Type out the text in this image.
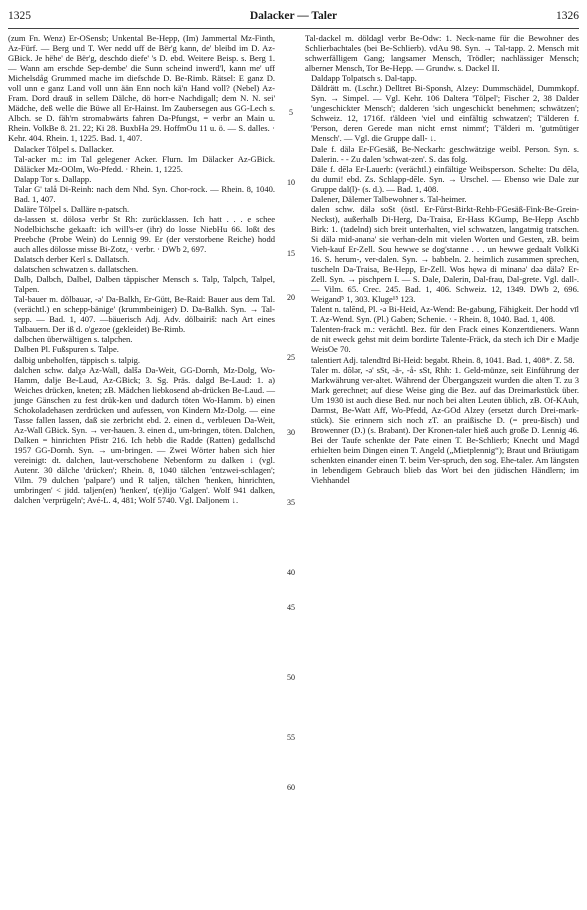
1325	Dalacker — Taler	1326

(zum Fn. Wenz) Er-OSensb; Unkental Be-Hepp, (Im) Jammertal Mz-Finth, Az-Fürf. — Berg und T. Wer nedd uff de Bër'g kann, de' bleibd im D. Az-GBick. Je hëhe' de Bër'g, deschdo diefe' 's D. ebd. Weitere Beisp. s. Berg 1. — Wann am erschde Sep-dembe' die Sunn scheind inwerd'l, kann me' uff Michelsdåg Grummed mache im diefschde D. Be-Rimb. Rätsel: E ganz D. voll unn e ganz Land voll unn ään Enn noch kä'n Hand voll? (Nebel) Az-Fram. Dord drauß in sellem Dälche, dö horr-e Nachdigall; dem N. N. sei' Mädche, deß welle die Büwe all Er-Hainst. Im Zaubersegen aus GG-Lech s. Albch. se D. fäh'rn stromabwärts fahren Da-Pfungst, = verbr an Main u. Rhein. VolkBe 8. 21. 22; Ki 28. BuxbHa 29. HoffmOu 11 u. ö. — S. dalles. · Kehr. 404. Rhein. 1, 1225. Bad. 1, 407.

Dalacker Tölpel s. Dallacker.

Tal-acker m.: im Tal gelegener Acker. Flurn. Im Dälacker Az-GBick. Däläcker Mz-OOlm, Wo-Pfedd. · Rhein. 1, 1225.

Dalapp Tor s. Dallapp.

Talar G' talå Di-Reinh: nach dem Nhd. Syn. Chor-rock. — Rhein. 8, 1040. Bad. 1, 407.

Daläre Tölpel s. Dalläre n-patsch.

da-lassen st. dölosə verbr St Rh: zurücklassen. Ich hatt . . . e schee Nodelbichsche gekaaft: ich will's-er (ihr) do losse NiebHu 66. loßt des Preebche (Probe Wein) do Lennig 99. Er (der verstorbene Reiche) hodd auch alles dölosse misse Bi-Zotz, · verbr. · DWb 2, 697.

Dalatsch derber Kerl s. Dallatsch.

dalatschen schwatzen s. dallatschen.

Dalb, Dalbch, Dalbel, Dalben täppischer Mensch s. Talp, Talpch, Talpel, Talpen.

Tal-bauer m. dölbauər, -ə' Da-Balkh, Er-Gütt, Be-Raid: Bauer aus dem Tal. (verächtl.) en schepp-bänige' (krummbeiniger) D. Da-Balkh. Syn. → Tal-sepp. — Bad. 1, 407. —bäuerisch Adj. Adv. dölbairiš: nach Art eines Talbauern. Der iß d. o'gezoe (gekleidet) Be-Rimb.

dalbchen überwältigen s. talpchen.

Dalben Pl. Fußspuren s. Talpe.

dalbig unbeholfen, täppisch s. talpig.

dalchen schw. dalχə Az-Wall, dalšə Da-Weit, GG-Dornh, Mz-Dolg, Wo-Hamm, dalje Be-Laud, Az-GBick; 3. Sg. Präs. dalgd Be-Laud: 1. a) Weiches drücken, kneten; zB. Mädchen liebkosend ab-drücken Be-Laud. — junge Gänschen zu fest drük-ken und dadurch töten Wo-Hamm. b) einen Schokoladehasen zerdrücken und aufessen, von Kindern Mz-Dolg. — eine Tasse fallen lassen, daß sie zerbricht ebd. 2. einen d., verbleuen Da-Weit, Az-Wall GBick. Syn. → ver-hauen. 3. einen d., um-bringen, töten. Dalchen, Dalken = hinrichten Pfistr 216. Ich hebb die Radde (Ratten) gedallschd 1957 GG-Dornh. Syn. → um-bringen. — Zwei Wörter haben sich hier vereinigt: dt. dalchen, laut-verschobene Nebenform zu dalken ↓ (vgl. Autenr. 30 dälche 'drücken'; Rhein. 8, 1040 tälchen 'entzwei-schlagen'; Vilm. 79 dulchen 'palpare') und R taljen, tälchen 'henken, hinrichten, umbringen' < jidd. taljen(en) 'henken', t(e)lijo 'Galgen'. Wolf 941 dalken, dalchen 'verprügeln'; Avé-L. 4, 481; Wolf 5740. Vgl. Daljonem ↓.

5
10
15
20
25
30
35
40
45
50
55
60

Tal-dackel m. döldagl verbr Be-Odw: 1. Neck-name für die Bewohner des Schlierbachtales (bei Be-Schlierb). vdAu 98. Syn. → Tal-tapp. 2. Mensch mit schwerfälligem Gang; langsamer Mensch, Trödler; nachlässiger Mensch; alberner Mensch, Tor Be-Hepp. — Grundw. s. Dackel II.

Daldapp Tolpatsch s. Dal-tapp.

Däldrätt m. (Lschr.) Delltret Bi-Sponsh, Alzey: Dummschädel, Dummkopf. Syn. → Simpel. — Vgl. Kehr. 106 Daltera 'Tölpel'; Fischer 2, 38 Dalder 'ungeschickter Mensch'; dalderen 'sich ungeschickt benehmen; schwätzen'; Schweiz. 12, 1716f. t'äldeen 'viel und einfältig schwatzen'; T'älderen f. 'Person, deren Gerede man nicht ernst nimmt'; T'älderi m. 'gutmütiger Mensch'. — Vgl. die Gruppe dall- ↓.

Dale f. dälə Er-FGesäß, Be-Neckarh: geschwätzige weibl. Person. Syn. s. Dalerin. - - Zu dalen 'schwat-zen'. S. das folg.

Däle f. dēlə Er-Lauerb: (verächtl.) einfältige Weibsperson. Schelte: Du dēlə, du dumi! ebd. Zs. Schlapp-dēle. Syn. → Urschel. — Ebenso wie Dale zur Gruppe dal(l)- (s. d.). — Bad. 1, 408.

Dalener, Dälemer Talbewohner s. Tal-heimer.

dalen schw. dälə soSt (östl. Er-Fürst-Birkt-Rehb-FGesäß-Fink-Be-Grein-Neckst), außerhalb Di-Herg, Da-Traisa, Er-Hass KGump, Be-Hepp Aschb Birk: 1. (tadelnd) sich breit unterhalten, viel schwatzen, langatmig tratschen. Si dälə mid-ənanə' sie verhan-deln mit vielen Worten und Gesten, zB. beim Vieh-kauf Er-Zell. Sou hewwe se dog'stanne . . . un hewwe gedaalt VolkKi 16. S. herum-, ver-dalen. Syn. → babbeln. 2. heimlich zusammen sprechen, tuscheln Da-Traisa, Be-Hepp, Er-Zell. Wos hęwə di minanə' dəə dälə? Er-Zell. Syn. → pischpern I. — S. Dale, Dalerin, Dal-frau, Dal-grete. Vgl. dall-. — Vilm. 65. Crec. 245. Bad. 1, 406. Schweiz. 12, 1349. DWb 2, 696. Weigand⁵ 1, 303. Kluge¹⁵ 123.

Talent n. talēnd, Pl. -ə Bi-Heid, Az-Wend: Be-gabung, Fähigkeit. Der hodd vīl T. Az-Wend. Syn. (Pl.) Gaben; Schenie. · - Rhein. 8, 1040. Bad. 1, 408.

Talenten-frack m.: verächtl. Bez. für den Frack eines Konzertdieners. Wann de nit eweck gehst mit deim bordirte Talente-Fräck, da stech ich Dir e Madje WeisOe 70.

talentiert Adj. talendīrd Bi-Heid: begabt. Rhein. 8, 1041. Bad. 1, 408*. Z. 58.

Taler m. dōlər, -ə' sSt, -ä-, -å- sSt, Rhh: 1. Geld-münze, seit Einführung der Markwährung ver-altet. Während der Übergangszeit wurden die alten T. zu 3 Mark gerechnet; auf diese Weise ging die Bez. auf das Dreimarkstück über. Um 1930 ist auch diese Bed. nur noch bei alten Leuten üblich, zB. Of-KAuh, Darmst, Be-Watt Aff, Wo-Pfedd, Az-GOd Alzey (ersetzt durch Drei-mark-stück). Sie erinnern sich noch zT. an praißische D. (= preu-ßisch) und Browenner (D.) (s. Brabant). Der Kronen-taler hieß auch große D. Lennig 46. Bei der Taufe schenkte der Pate einen T. Be-Schlierb; Knecht und Magd erhielten beim Dingen einen T. Angeld („Mietplennig“); Braut und Bräutigam schenkten einander einen T. beim Ver-spruch, den sog. Ehe-taler. Am längsten in lebendigem Gebrauch blieb das Wort bei den jüdischen Händlern; im Viehhandel
